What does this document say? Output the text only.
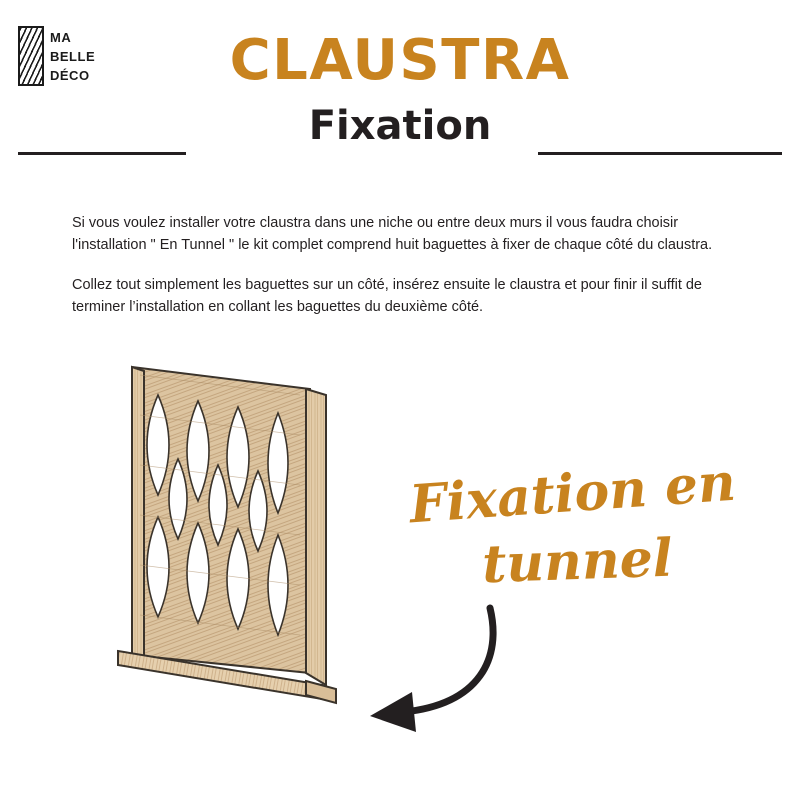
MA
BELLE
DÉCO	CLAUSTRA
Fixation

Si vous voulez installer votre claustra dans une niche ou entre deux murs il vous faudra choisir l'installation " En Tunnel " le kit complet comprend huit baguettes à fixer de chaque côté du claustra.

Collez tout simplement les baguettes sur un côté, insérez ensuite le claustra et pour finir il suffit de terminer l’installation en collant les baguettes du deuxième côté.

Fixation en
tunnel
